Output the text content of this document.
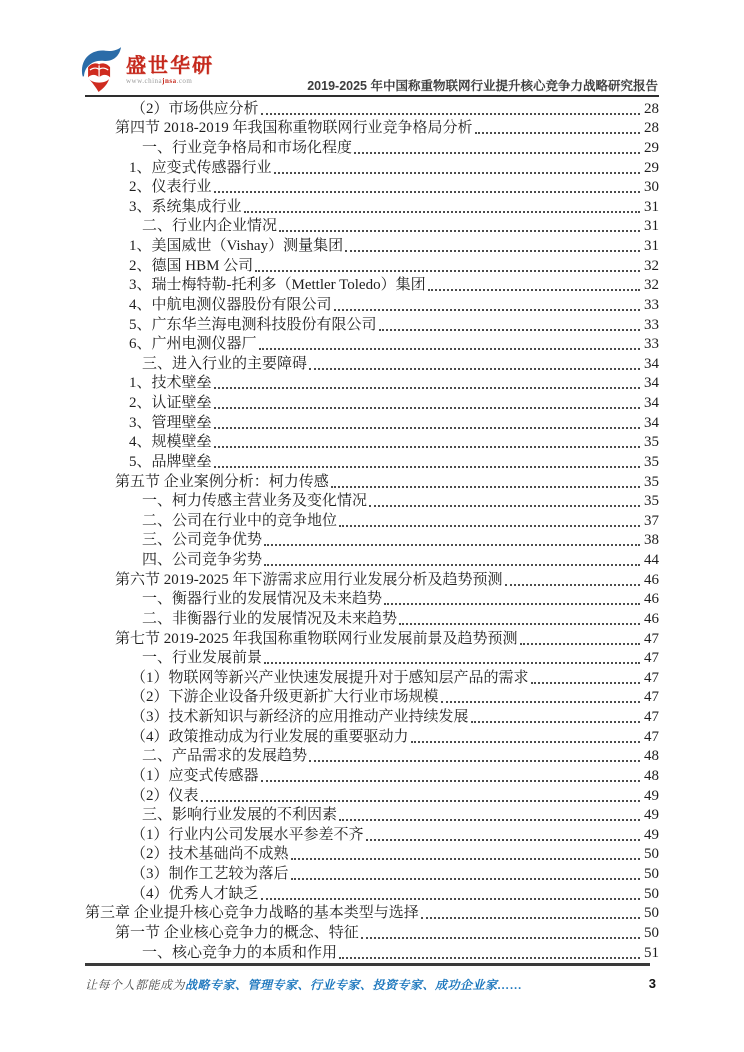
盛世华研
www.chinajnsa.com	2019-2025 年中国称重物联网行业提升核心竞争力战略研究报告
（2）市场供应分析	28
第四节 2018-2019 年我国称重物联网行业竞争格局分析	28
一、行业竞争格局和市场化程度	29
1、应变式传感器行业	29
2、仪表行业	30
3、系统集成行业	31
二、行业内企业情况	31
1、美国威世（Vishay）测量集团	31
2、德国 HBM 公司	32
3、瑞士梅特勒-托利多（Mettler Toledo）集团	32
4、中航电测仪器股份有限公司	33
5、广东华兰海电测科技股份有限公司	33
6、广州电测仪器厂	33
三、进入行业的主要障碍	34
1、技术壁垒	34
2、认证壁垒	34
3、管理壁垒	34
4、规模壁垒	35
5、品牌壁垒	35
第五节 企业案例分析：柯力传感	35
一、柯力传感主营业务及变化情况	35
二、公司在行业中的竞争地位	37
三、公司竞争优势	38
四、公司竞争劣势	44
第六节 2019-2025 年下游需求应用行业发展分析及趋势预测	46
一、衡器行业的发展情况及未来趋势	46
二、非衡器行业的发展情况及未来趋势	46
第七节 2019-2025 年我国称重物联网行业发展前景及趋势预测	47
一、行业发展前景	47
（1）物联网等新兴产业快速发展提升对于感知层产品的需求	47
（2）下游企业设备升级更新扩大行业市场规模	47
（3）技术新知识与新经济的应用推动产业持续发展	47
（4）政策推动成为行业发展的重要驱动力	47
二、产品需求的发展趋势	48
（1）应变式传感器	48
（2）仪表	49
三、影响行业发展的不利因素	49
（1）行业内公司发展水平参差不齐	49
（2）技术基础尚不成熟	50
（3）制作工艺较为落后	50
（4）优秀人才缺乏	50
第三章 企业提升核心竞争力战略的基本类型与选择	50
第一节 企业核心竞争力的概念、特征	50
一、核心竞争力的本质和作用	51
让每个人都能成为战略专家、管理专家、行业专家、投资专家、成功企业家……	3
